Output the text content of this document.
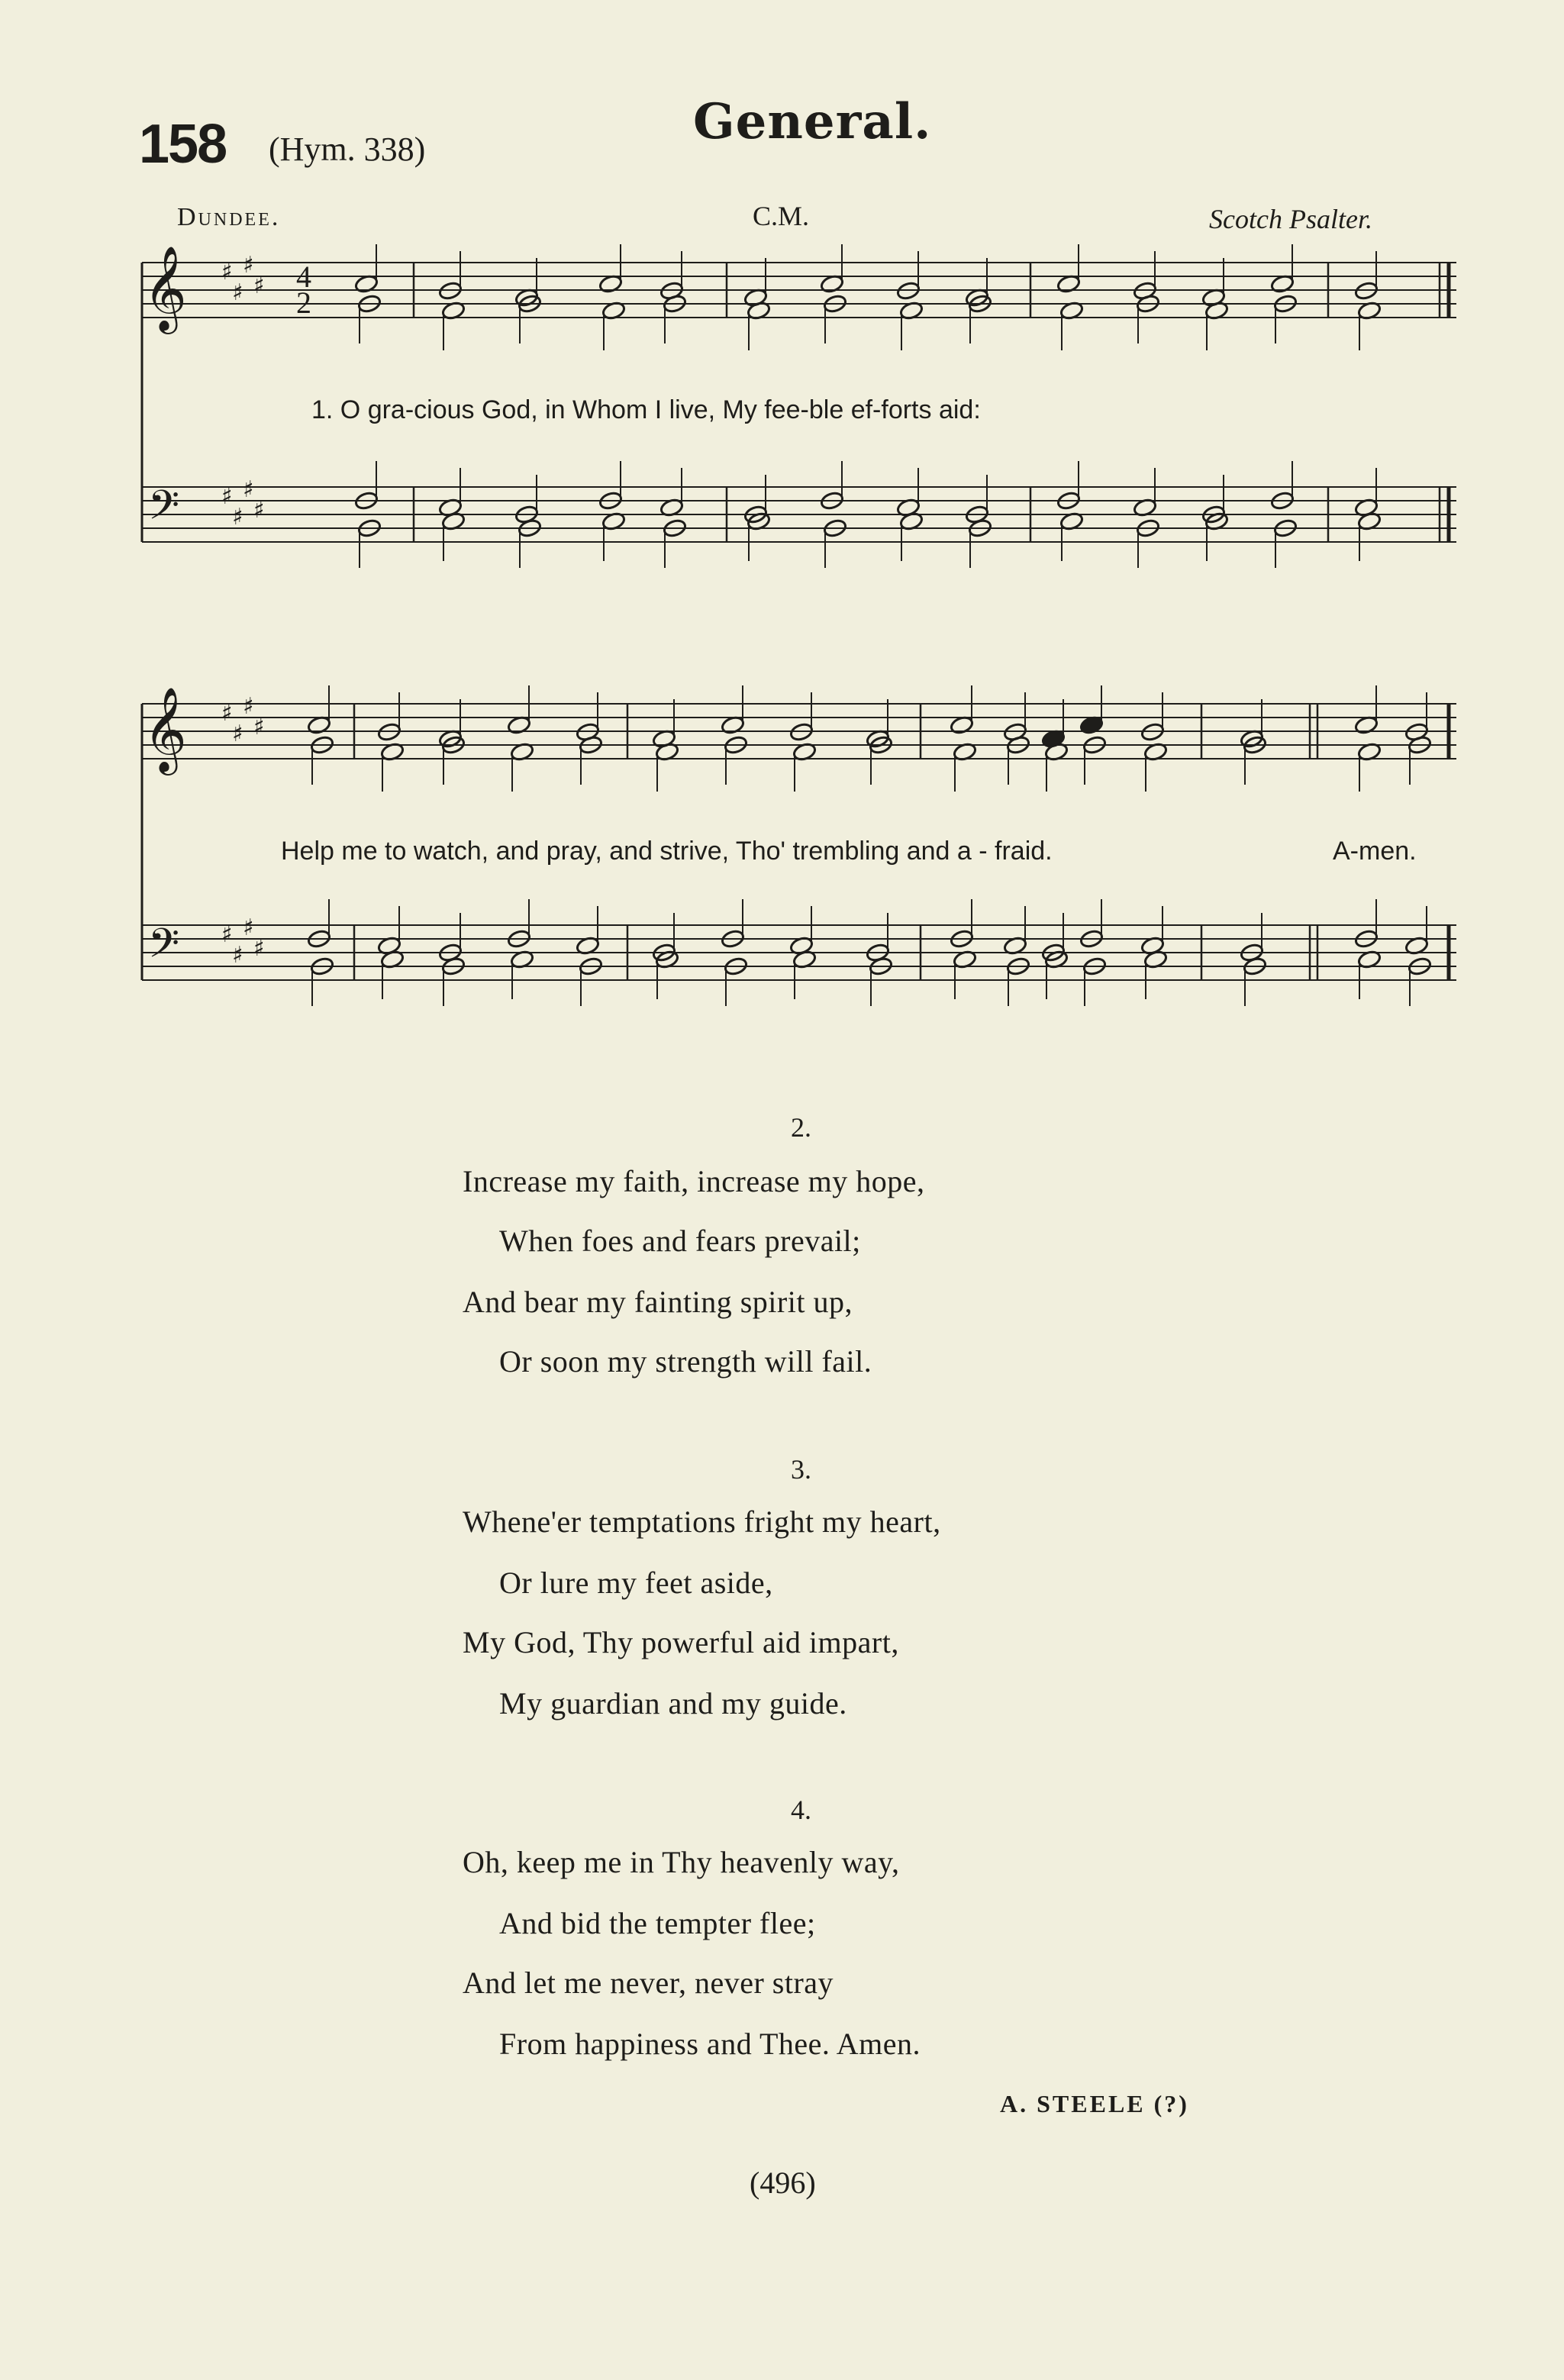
158 (Hym. 338)	General.
Dundee.	C.M.	Scotch Psalter.
𝄞
𝄢
♯
♯
♯
♯
♯
♯
♯
♯
4
2
𝄞
𝄢
♯
♯
♯
♯
♯
♯
♯
♯
1. O gra-cious God, in Whom I live, My fee-ble ef-forts aid:
Help me to watch, and pray, and strive, Tho' trembling and a - fraid.	A-men.
2.
Increase my faith, increase my hope,
When foes and fears prevail;
And bear my fainting spirit up,
Or soon my strength will fail.
3.
Whene'er temptations fright my heart,
Or lure my feet aside,
My God, Thy powerful aid impart,
My guardian and my guide.
4.
Oh, keep me in Thy heavenly way,
And bid the tempter flee;
And let me never, never stray
From happiness and Thee. Amen.
A. STEELE (?)
(496)
